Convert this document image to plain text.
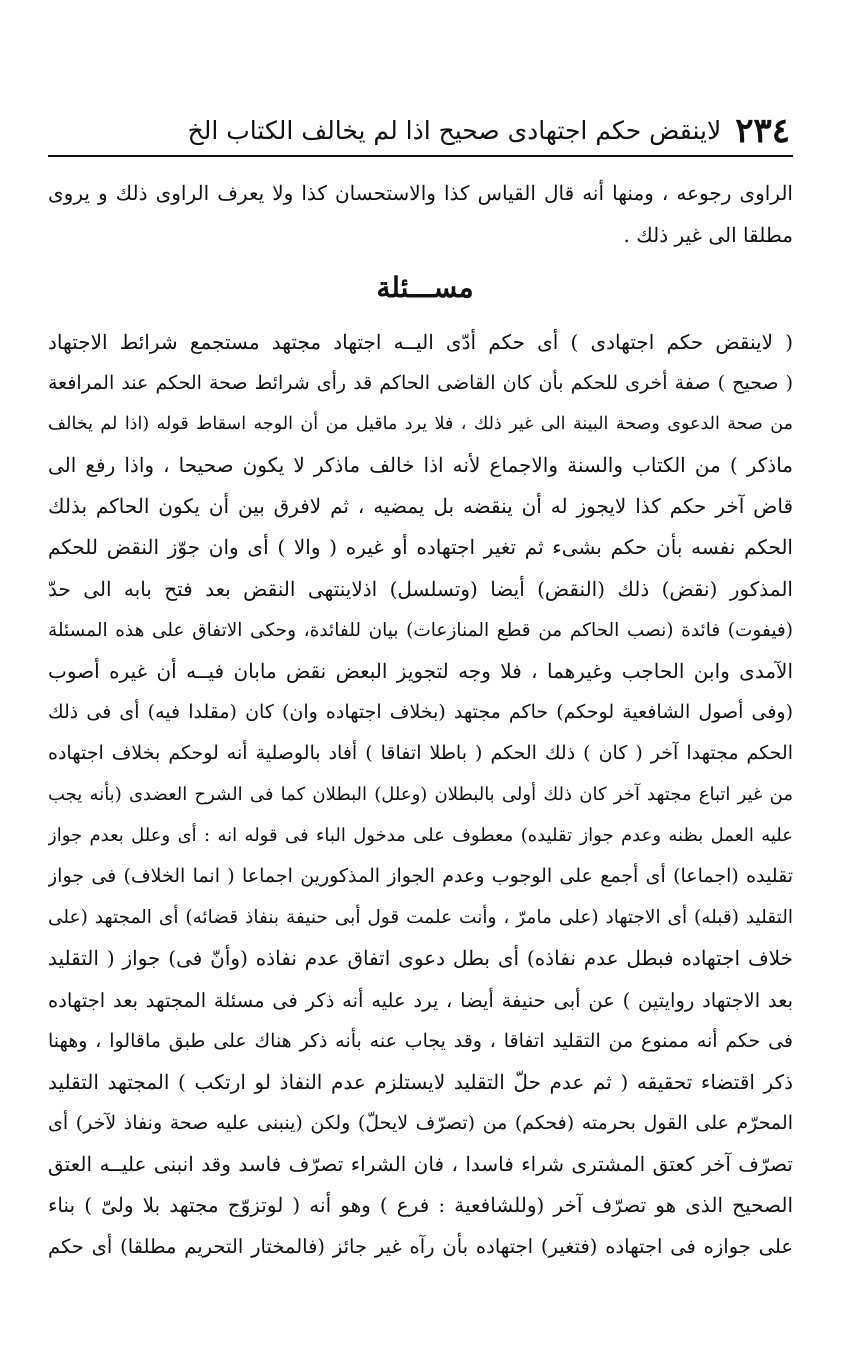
٢٣٤
لاينقض حكم اجتهادى صحيح اذا لم يخالف الكتاب الخ
الراوى رجوعه ، ومنها أنه قال القياس كذا والاستحسان كذا ولا يعرف الراوى ذلك و يروى مطلقا الى غير ذلك .
مســـئلة
( لاينقض حكم اجتهادى ) أى حكم أدّى اليــه اجتهاد مجتهد مستجمع شرائط الاجتهاد
( صحيح ) صفة أخرى للحكم بأن كان القاضى الحاكم قد رأى شرائط صحة الحكم عند المرافعة
من صحة الدعوى وصحة البينة الى غير ذلك ، فلا يرد ماقيل من أن الوجه اسقاط قوله (اذا لم يخالف
ماذكر ) من الكتاب والسنة والاجماع لأنه اذا خالف ماذكر لا يكون صحيحا ، واذا رفع الى
قاض آخر حكم كذا لايجوز له أن ينقضه بل يمضيه ، ثم لافرق بين أن يكون الحاكم بذلك
الحكم نفسه بأن حكم بشىء ثم تغير اجتهاده أو غيره ( والا ) أى وان جوّز النقض للحكم
المذكور (نقض) ذلك (النقض) أيضا (وتسلسل) اذلاينتهى النقض بعد فتح بابه الى حدّ
(فيفوت) فائدة (نصب الحاكم من قطع المنازعات) بيان للفائدة، وحكى الاتفاق على هذه المسئلة
الآمدى وابن الحاجب وغيرهما ، فلا وجه لتجويز البعض نقض مابان فيــه أن غيره أصوب
(وفى أصول الشافعية لوحكم) حاكم مجتهد (بخلاف اجتهاده وان) كان (مقلدا فيه) أى فى ذلك
الحكم مجتهدا آخر ( كان ) ذلك الحكم ( باطلا اتفاقا ) أفاد بالوصلية أنه لوحكم بخلاف اجتهاده
من غير اتباع مجتهد آخر كان ذلك أولى بالبطلان (وعلل) البطلان كما فى الشرح العضدى (بأنه يجب
عليه العمل بظنه وعدم جواز تقليده) معطوف على مدخول الباء فى قوله انه : أى وعلل بعدم جواز
تقليده (اجماعا) أى أجمع على الوجوب وعدم الجواز المذكورين اجماعا ( انما الخلاف) فى جواز
التقليد (قبله) أى الاجتهاد (على مامرّ ، وأنت علمت قول أبى حنيفة بنفاذ قضائه) أى المجتهد (على
خلاف اجتهاده فبطل عدم نفاذه) أى بطل دعوى اتفاق عدم نفاذه (وأنّ فى) جواز ( التقليد
بعد الاجتهاد روايتين ) عن أبى حنيفة أيضا ، يرد عليه أنه ذكر فى مسئلة المجتهد بعد اجتهاده
فى حكم أنه ممنوع من التقليد اتفاقا ، وقد يجاب عنه بأنه ذكر هناك على طبق ماقالوا ، وههنا
ذكر اقتضاء تحقيقه ( ثم عدم حلّ التقليد لايستلزم عدم النفاذ لو ارتكب ) المجتهد التقليد
المحرّم على القول بحرمته (فحكم) من (تصرّف لايحلّ) ولكن (ينبنى عليه صحة ونفاذ لآخر) أى
تصرّف آخر كعتق المشترى شراء فاسدا ، فان الشراء تصرّف فاسد وقد انبنى عليــه العتق
الصحيح الذى هو تصرّف آخر (وللشافعية : فرع ) وهو أنه ( لوتزوّج مجتهد بلا ولىّ ) بناء
على جوازه فى اجتهاده (فتغير) اجتهاده بأن رآه غير جائز (فالمختار التحريم مطلقا) أى حكم
